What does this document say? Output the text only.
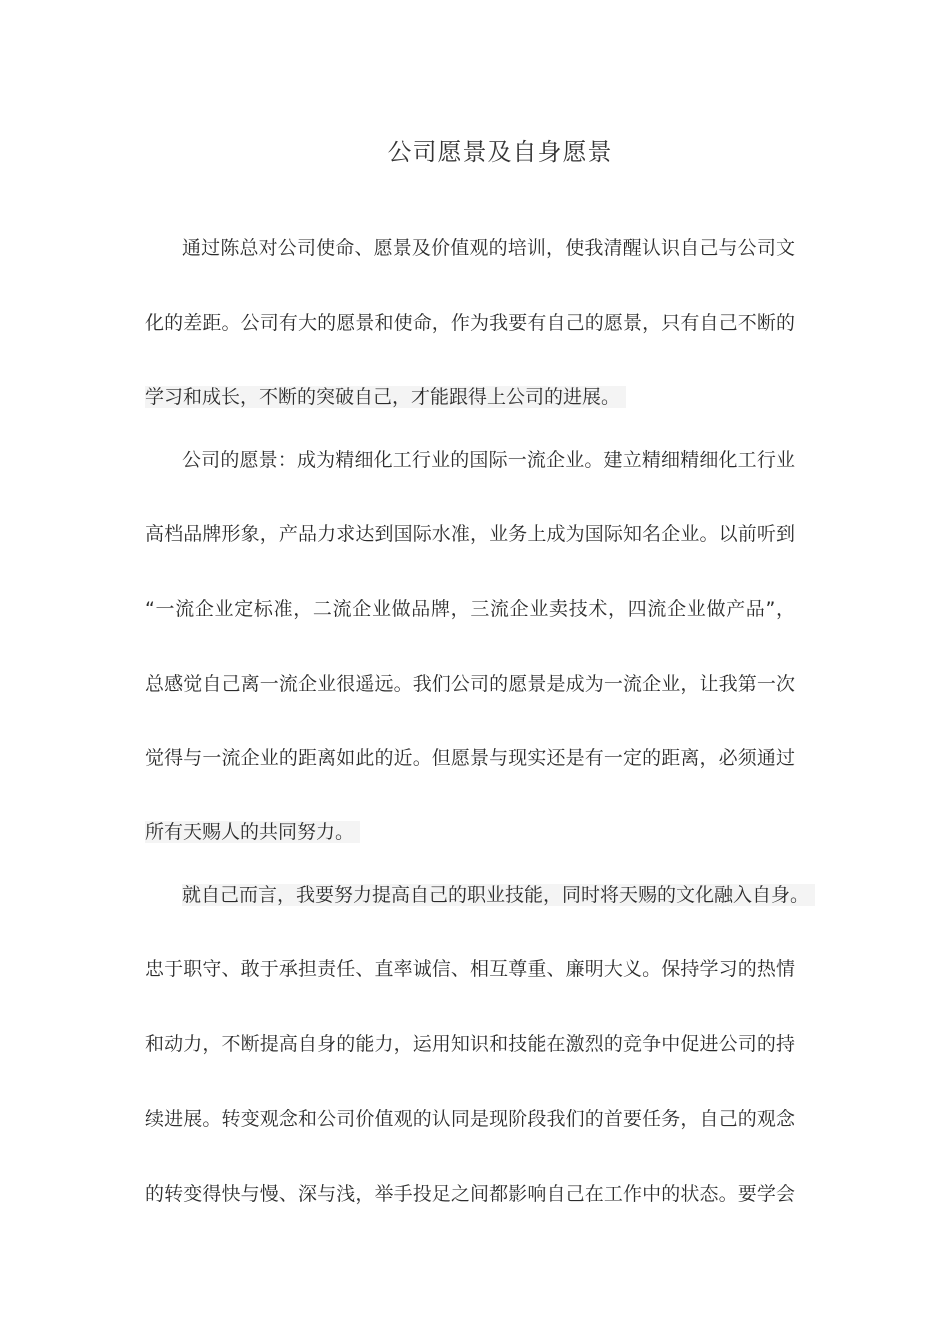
公司愿景及自身愿景
通过陈总对公司使命、愿景及价值观的培训，使我清醒认识自己与公司文
化的差距。公司有大的愿景和使命，作为我要有自己的愿景，只有自己不断的
学习和成长，不断的突破自己，才能跟得上公司的进展。
公司的愿景：成为精细化工行业的国际一流企业。建立精细精细化工行业
高档品牌形象，产品力求达到国际水准，业务上成为国际知名企业。以前听到
“一流企业定标准，二流企业做品牌，三流企业卖技术，四流企业做产品”，
总感觉自己离一流企业很遥远。我们公司的愿景是成为一流企业，让我第一次
觉得与一流企业的距离如此的近。但愿景与现实还是有一定的距离，必须通过
所有天赐人的共同努力。
就自己而言，我要努力提高自己的职业技能，同时将天赐的文化融入自身。
忠于职守、敢于承担责任、直率诚信、相互尊重、廉明大义。保持学习的热情
和动力，不断提高自身的能力，运用知识和技能在激烈的竞争中促进公司的持
续进展。转变观念和公司价值观的认同是现阶段我们的首要任务，自己的观念
的转变得快与慢、深与浅，举手投足之间都影响自己在工作中的状态。要学会
